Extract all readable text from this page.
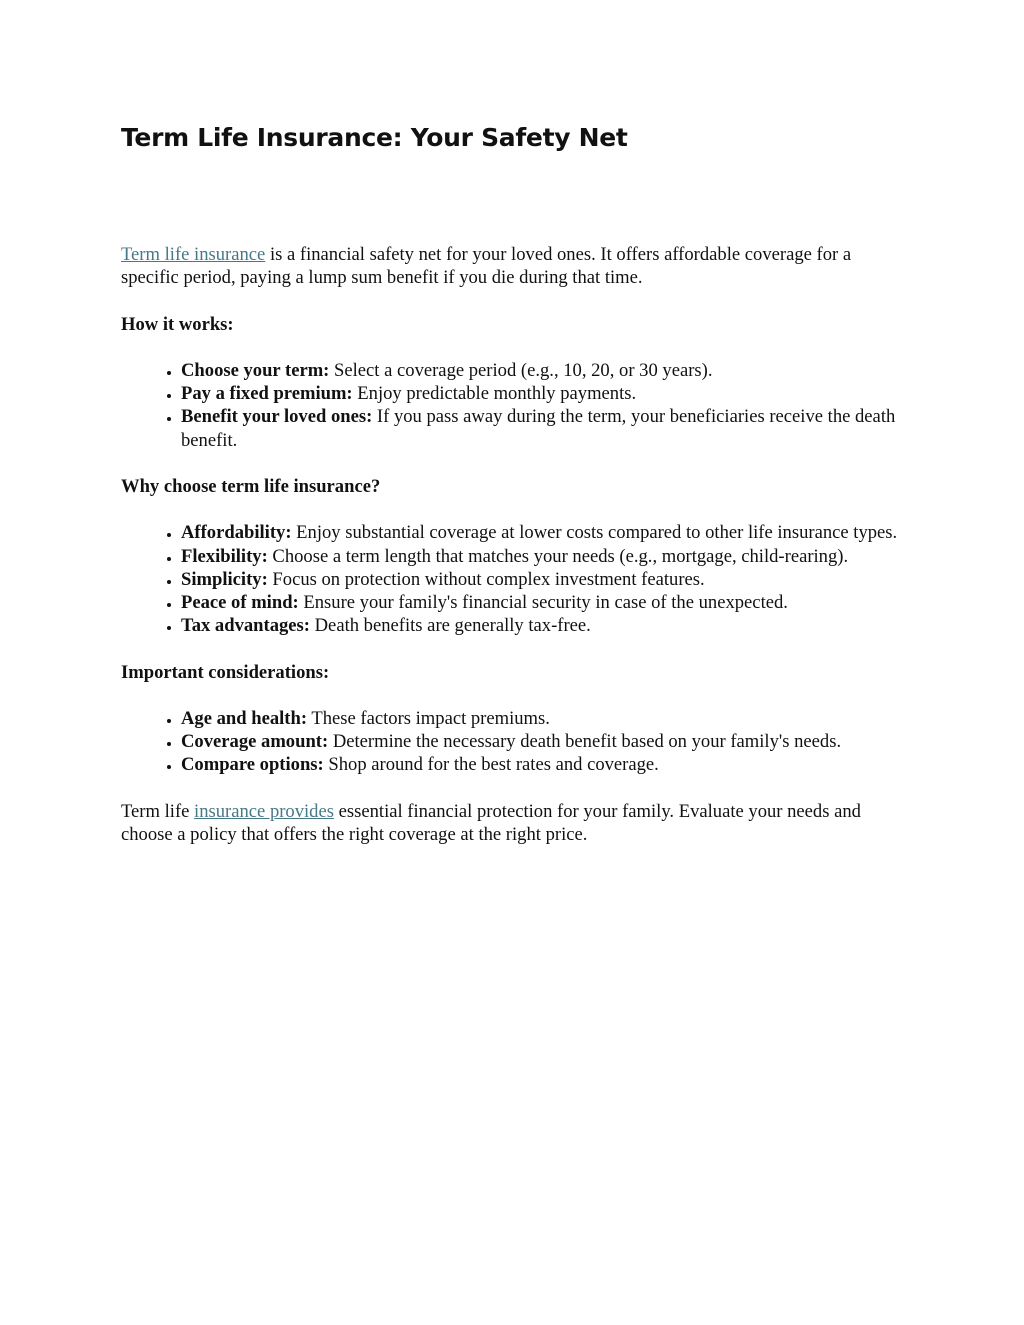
Term Life Insurance: Your Safety Net

Term life insurance is a financial safety net for your loved ones. It offers affordable coverage for a specific period, paying a lump sum benefit if you die during that time.

How it works:

• Choose your term: Select a coverage period (e.g., 10, 20, or 30 years).
• Pay a fixed premium: Enjoy predictable monthly payments.
• Benefit your loved ones: If you pass away during the term, your beneficiaries receive the death benefit.

Why choose term life insurance?

• Affordability: Enjoy substantial coverage at lower costs compared to other life insurance types.
• Flexibility: Choose a term length that matches your needs (e.g., mortgage, child-rearing).
• Simplicity: Focus on protection without complex investment features.
• Peace of mind: Ensure your family's financial security in case of the unexpected.
• Tax advantages: Death benefits are generally tax-free.

Important considerations:

• Age and health: These factors impact premiums.
• Coverage amount: Determine the necessary death benefit based on your family's needs.
• Compare options: Shop around for the best rates and coverage.

Term life insurance provides essential financial protection for your family. Evaluate your needs and choose a policy that offers the right coverage at the right price.
